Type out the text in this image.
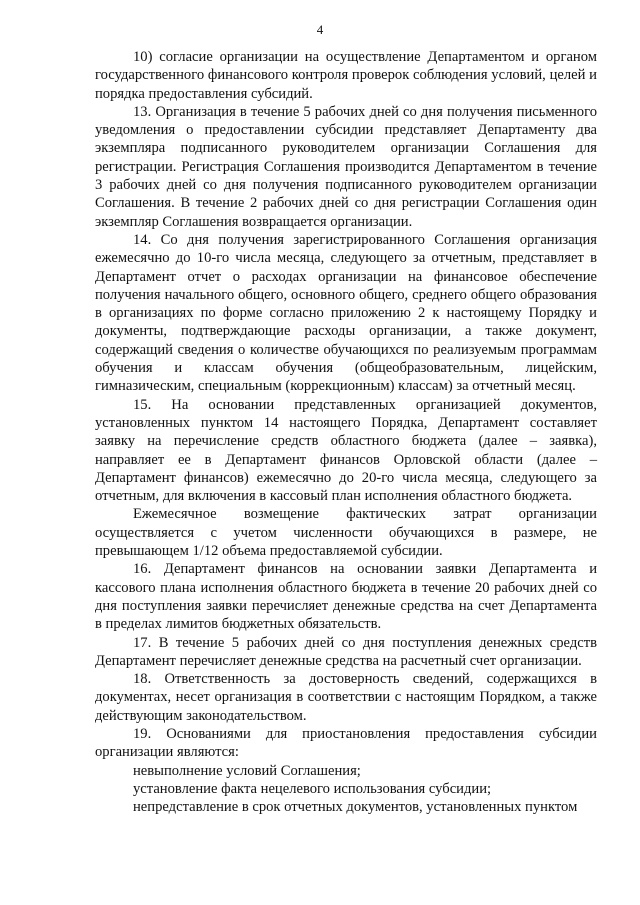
4

10) согласие организации на осуществление Департаментом и органом государственного финансового контроля проверок соблюдения условий, целей и порядка предоставления субсидий.

13. Организация в течение 5 рабочих дней со дня получения письменного уведомления о предоставлении субсидии представляет Департаменту два экземпляра подписанного руководителем организации Соглашения для регистрации. Регистрация Соглашения производится Департаментом в течение 3 рабочих дней со дня получения подписанного руководителем организации Соглашения. В течение 2 рабочих дней со дня регистрации Соглашения один экземпляр Соглашения возвращается организации.

14. Со дня получения зарегистрированного Соглашения организация ежемесячно до 10-го числа месяца, следующего за отчетным, представляет в Департамент отчет о расходах организации на финансовое обеспечение получения начального общего, основного общего, среднего общего образования в организациях по форме согласно приложению 2 к настоящему Порядку и документы, подтверждающие расходы организации, а также документ, содержащий сведения о количестве обучающихся по реализуемым программам обучения и классам обучения (общеобразовательным, лицейским, гимназическим, специальным (коррекционным) классам) за отчетный месяц.

15. На основании представленных организацией документов, установленных пунктом 14 настоящего Порядка, Департамент составляет заявку на перечисление средств областного бюджета (далее – заявка), направляет ее в Департамент финансов Орловской области (далее – Департамент финансов) ежемесячно до 20-го числа месяца, следующего за отчетным, для включения в кассовый план исполнения областного бюджета.

Ежемесячное возмещение фактических затрат организации осуществляется с учетом численности обучающихся в размере, не превышающем 1/12 объема предоставляемой субсидии.

16. Департамент финансов на основании заявки Департамента и кассового плана исполнения областного бюджета в течение 20 рабочих дней со дня поступления заявки перечисляет денежные средства на счет Департамента в пределах лимитов бюджетных обязательств.

17. В течение 5 рабочих дней со дня поступления денежных средств Департамент перечисляет денежные средства на расчетный счет организации.

18. Ответственность за достоверность сведений, содержащихся в документах, несет организация в соответствии с настоящим Порядком, а также действующим законодательством.

19. Основаниями для приостановления предоставления субсидии организации являются:

невыполнение условий Соглашения;

установление факта нецелевого использования субсидии;

непредставление в срок отчетных документов, установленных пунктом
